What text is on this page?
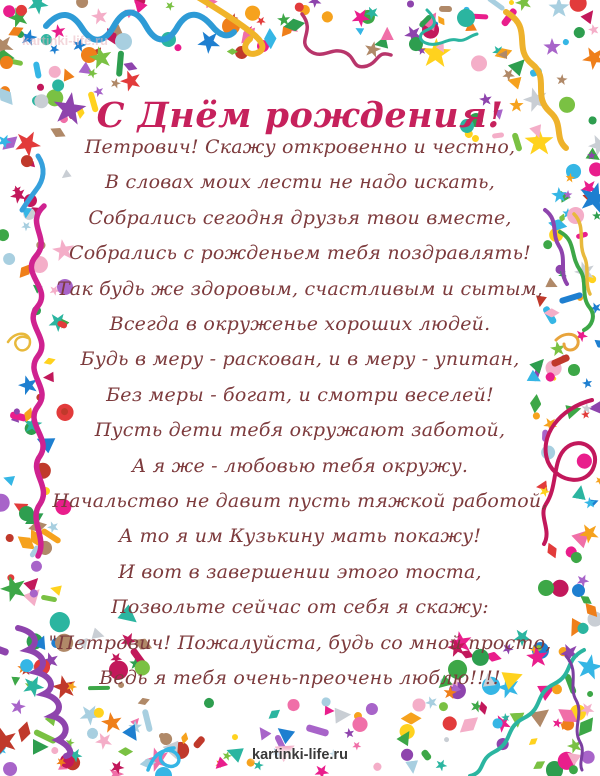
С Днём рождения!
Петрович! Скажу откровенно и честно,
В словах моих лести не надо искать,
Собрались сегодня друзья твои вместе,
Собрались с рожденьем тебя поздравлять!
Так будь же здоровым, счастливым и сытым,
Всегда в окруженье хороших людей.
Будь в меру - раскован, и в меру - упитан,
Без меры - богат, и смотри веселей!
Пусть дети тебя окружают заботой,
А я же - любовью тебя окружу.
Начальство не давит пусть тяжкой работой,
А то я им Кузькину мать покажу!
И вот в завершении этого тоста,
Позвольте сейчас от себя я скажу:
"Петрович! Пожалуйста, будь со мной просто,
Ведь я тебя очень-преочень люблю!!!!
kartinki-life.ru
kartinki-life.ru
